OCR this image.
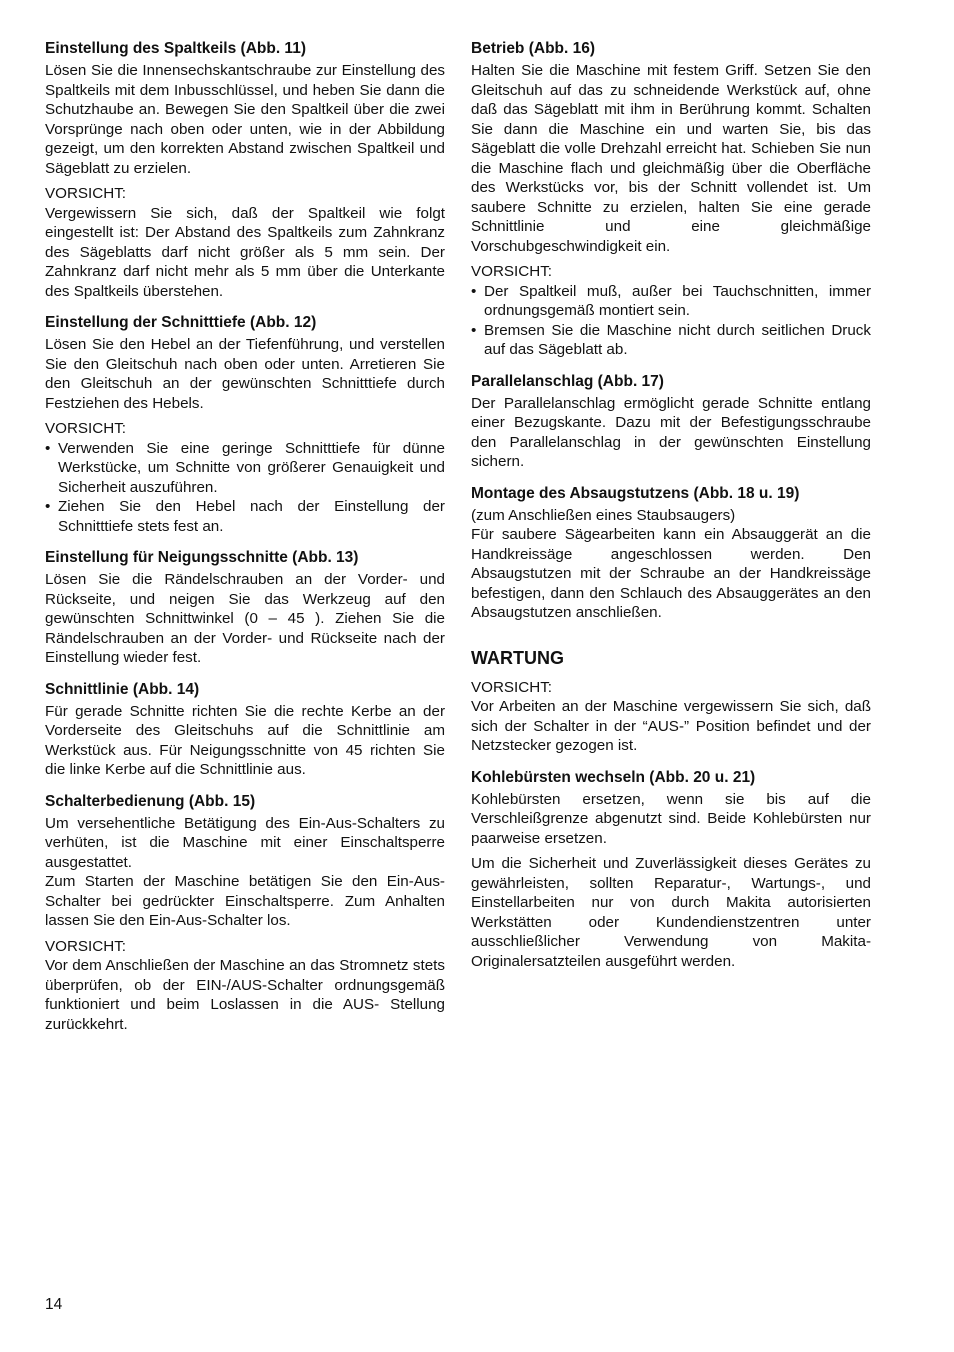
Einstellung des Spaltkeils (Abb. 11)

Lösen Sie die Innensechskantschraube zur Einstellung des Spaltkeils mit dem Inbusschlüssel, und heben Sie dann die Schutzhaube an. Bewegen Sie den Spaltkeil über die zwei Vorsprünge nach oben oder unten, wie in der Abbildung gezeigt, um den korrekten Abstand zwischen Spaltkeil und Sägeblatt zu erzielen.

VORSICHT:

Vergewissern Sie sich, daß der Spaltkeil wie folgt eingestellt ist: Der Abstand des Spaltkeils zum Zahnkranz des Sägeblatts darf nicht größer als 5 mm sein. Der Zahnkranz darf nicht mehr als 5 mm über die Unterkante des Spaltkeils überstehen.

Einstellung der Schnitttiefe (Abb. 12)

Lösen Sie den Hebel an der Tiefenführung, und verstellen Sie den Gleitschuh nach oben oder unten. Arretieren Sie den Gleitschuh an der gewünschten Schnitttiefe durch Festziehen des Hebels.

VORSICHT:

• Verwenden Sie eine geringe Schnitttiefe für dünne Werkstücke, um Schnitte von größerer Genauigkeit und Sicherheit auszuführen.
• Ziehen Sie den Hebel nach der Einstellung der Schnitttiefe stets fest an.
Einstellung für Neigungsschnitte (Abb. 13)

Lösen Sie die Rändelschrauben an der Vorder- und Rückseite, und neigen Sie das Werkzeug auf den gewünschten Schnittwinkel (0 – 45 ). Ziehen Sie die Rändelschrauben an der Vorder- und Rückseite nach der Einstellung wieder fest.

Schnittlinie (Abb. 14)

Für gerade Schnitte richten Sie die rechte Kerbe an der Vorderseite des Gleitschuhs auf die Schnittlinie am Werkstück aus. Für Neigungsschnitte von 45 richten Sie die linke Kerbe auf die Schnittlinie aus.

Schalterbedienung (Abb. 15)

Um versehentliche Betätigung des Ein-Aus-Schalters zu verhüten, ist die Maschine mit einer Einschaltsperre ausgestattet.

Zum Starten der Maschine betätigen Sie den Ein-Aus-Schalter bei gedrückter Einschaltsperre. Zum Anhalten lassen Sie den Ein-Aus-Schalter los.

VORSICHT:

Vor dem Anschließen der Maschine an das Stromnetz stets überprüfen, ob der EIN-/AUS-Schalter ordnungsgemäß funktioniert und beim Loslassen in die AUS- Stellung zurückkehrt.

Betrieb (Abb. 16)

Halten Sie die Maschine mit festem Griff. Setzen Sie den Gleitschuh auf das zu schneidende Werkstück auf, ohne daß das Sägeblatt mit ihm in Berührung kommt. Schalten Sie dann die Maschine ein und warten Sie, bis das Sägeblatt die volle Drehzahl erreicht hat. Schieben Sie nun die Maschine flach und gleichmäßig über die Oberfläche des Werkstücks vor, bis der Schnitt vollendet ist. Um saubere Schnitte zu erzielen, halten Sie eine gerade Schnittlinie und eine gleichmäßige Vorschubgeschwindigkeit ein.

VORSICHT:

• Der Spaltkeil muß, außer bei Tauchschnitten, immer ordnungsgemäß montiert sein.
• Bremsen Sie die Maschine nicht durch seitlichen Druck auf das Sägeblatt ab.
Parallelanschlag (Abb. 17)

Der Parallelanschlag ermöglicht gerade Schnitte entlang einer Bezugskante. Dazu mit der Befestigungsschraube den Parallelanschlag in der gewünschten Einstellung sichern.

Montage des Absaugstutzens (Abb. 18 u. 19)

(zum Anschließen eines Staubsaugers)

Für saubere Sägearbeiten kann ein Absauggerät an die Handkreissäge angeschlossen werden. Den Absaugstutzen mit der Schraube an der Handkreissäge befestigen, dann den Schlauch des Absauggerätes an den Absaugstutzen anschließen.

WARTUNG

VORSICHT:

Vor Arbeiten an der Maschine vergewissern Sie sich, daß sich der Schalter in der “AUS-” Position befindet und der Netzstecker gezogen ist.

Kohlebürsten wechseln (Abb. 20 u. 21)

Kohlebürsten ersetzen, wenn sie bis auf die Verschleißgrenze abgenutzt sind. Beide Kohlebürsten nur paarweise ersetzen.

Um die Sicherheit und Zuverlässigkeit dieses Gerätes zu gewährleisten, sollten Reparatur-, Wartungs-, und Einstellarbeiten nur von durch Makita autorisierten Werkstätten oder Kundendienstzentren unter ausschließlicher Verwendung von Makita-Originalersatzteilen ausgeführt werden.

14
